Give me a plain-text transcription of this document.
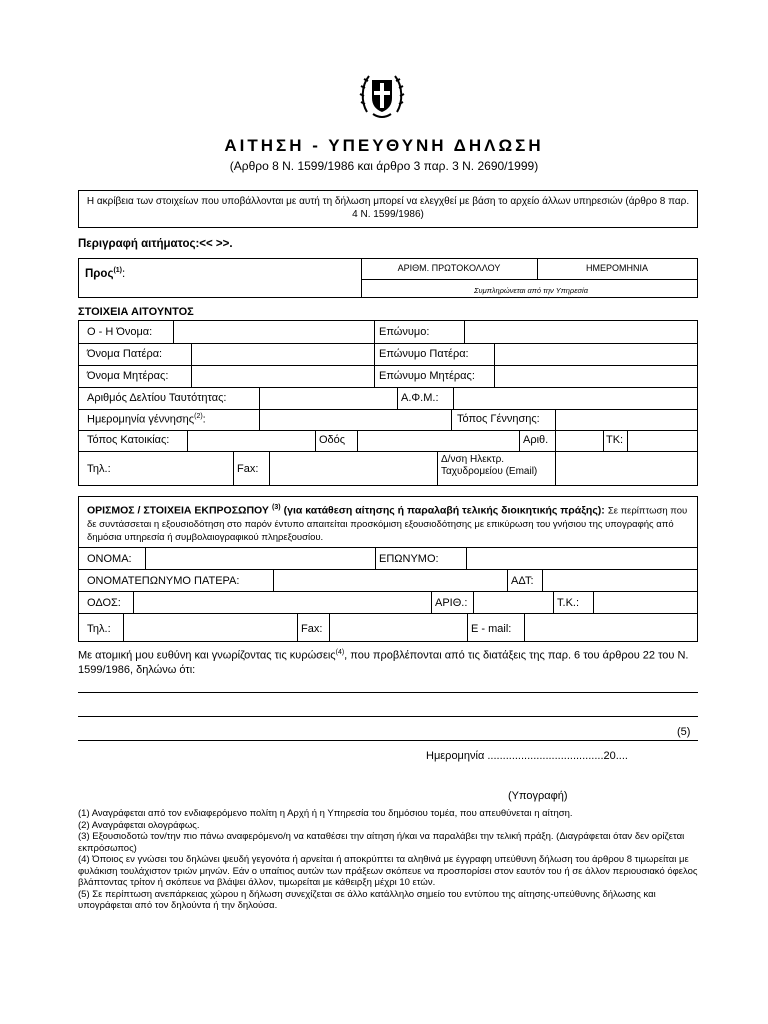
ΑΙΤΗΣΗ - ΥΠΕΥΘΥΝΗ ΔΗΛΩΣΗ
(Αρθρο 8 Ν. 1599/1986 και άρθρο 3 παρ. 3 Ν. 2690/1999)
Η ακρίβεια των στοιχείων που υποβάλλονται με αυτή τη δήλωση μπορεί να ελεγχθεί με βάση το αρχείο άλλων υπηρεσιών (άρθρο 8 παρ. 4 Ν. 1599/1986)
Περιγραφή αιτήματος:<< >>.
Προς$^{(1)}$:	ΑΡΙΘΜ. ΠΡΩΤΟΚΟΛΛΟΥ	ΗΜΕΡΟΜΗΝΙΑ
Συμπληρώνεται από την Υπηρεσία
ΣΤΟΙΧΕΙΑ ΑΙΤΟΥΝΤΟΣ
Ο - Η Όνομα:	Επώνυμο:
Όνομα Πατέρα:	Επώνυμο Πατέρα:
Όνομα Μητέρας:	Επώνυμο Μητέρας:
Αριθμός Δελτίου Ταυτότητας:	Α.Φ.Μ.:
Ημερομηνία γέννησης$^{(2)}$:	Τόπος Γέννησης:
Τόπος Κατοικίας:	Οδός	Αριθ.	ΤΚ:
Τηλ.:	Fax:
Δ/νση Ηλεκτρ.
Ταχυδρομείου (Email)
ΟΡΙΣΜΟΣ / ΣΤΟΙΧΕΙΑ ΕΚΠΡΟΣΩΠΟΥ $^{(3)}$ (για κατάθεση αίτησης ή παραλαβή τελικής διοικητικής πράξης): Σε περίπτωση που δε συντάσσεται η εξουσιοδότηση στο παρόν έντυπο απαιτείται προσκόμιση εξουσιοδότησης με επικύρωση του γνήσιου της υπογραφής από δημόσια υπηρεσία ή συμβολαιογραφικού πληρεξουσίου.
ΟΝΟΜΑ:	ΕΠΩΝΥΜΟ:
ΟΝΟΜΑΤΕΠΩΝΥΜΟ ΠΑΤΕΡΑ:	ΑΔΤ:
ΟΔΟΣ:	ΑΡΙΘ.:	Τ.Κ.:
Τηλ.:	Fax:	Ε - mail:
Με ατομική μου ευθύνη και γνωρίζοντας τις κυρώσεις$^{(4)}$, που προβλέπονται από τις διατάξεις της παρ. 6 του άρθρου 22 του Ν. 1599/1986, δηλώνω ότι:
(5)
Ημερομηνία ......................................20....
(Υπογραφή)
(1) Αναγράφεται από τον ενδιαφερόμενο πολίτη η Αρχή ή η Υπηρεσία του δημόσιου τομέα, που απευθύνεται η αίτηση.
(2) Αναγράφεται ολογράφως.
(3) Εξουσιοδοτώ τον/την πιο πάνω αναφερόμενο/η να καταθέσει την αίτηση ή/και να παραλάβει την τελική πράξη. (Διαγράφεται όταν δεν ορίζεται εκπρόσωπος)
(4) Όποιος εν γνώσει του δηλώνει ψευδή γεγονότα ή αρνείται ή αποκρύπτει τα αληθινά με έγγραφη υπεύθυνη δήλωση του άρθρου 8 τιμωρείται με φυλάκιση τουλάχιστον τριών μηνών. Εάν ο υπαίτιος αυτών των πράξεων σκόπευε να προσπορίσει στον εαυτόν του ή σε άλλον περιουσιακό όφελος βλάπτοντας τρίτον ή σκόπευε να βλάψει άλλον, τιμωρείται με κάθειρξη μέχρι 10 ετών.
(5) Σε περίπτωση ανεπάρκειας χώρου η δήλωση συνεχίζεται σε άλλο κατάλληλο σημείο του εντύπου της αίτησης-υπεύθυνης δήλωσης και υπογράφεται από τον δηλούντα ή την δηλούσα.
